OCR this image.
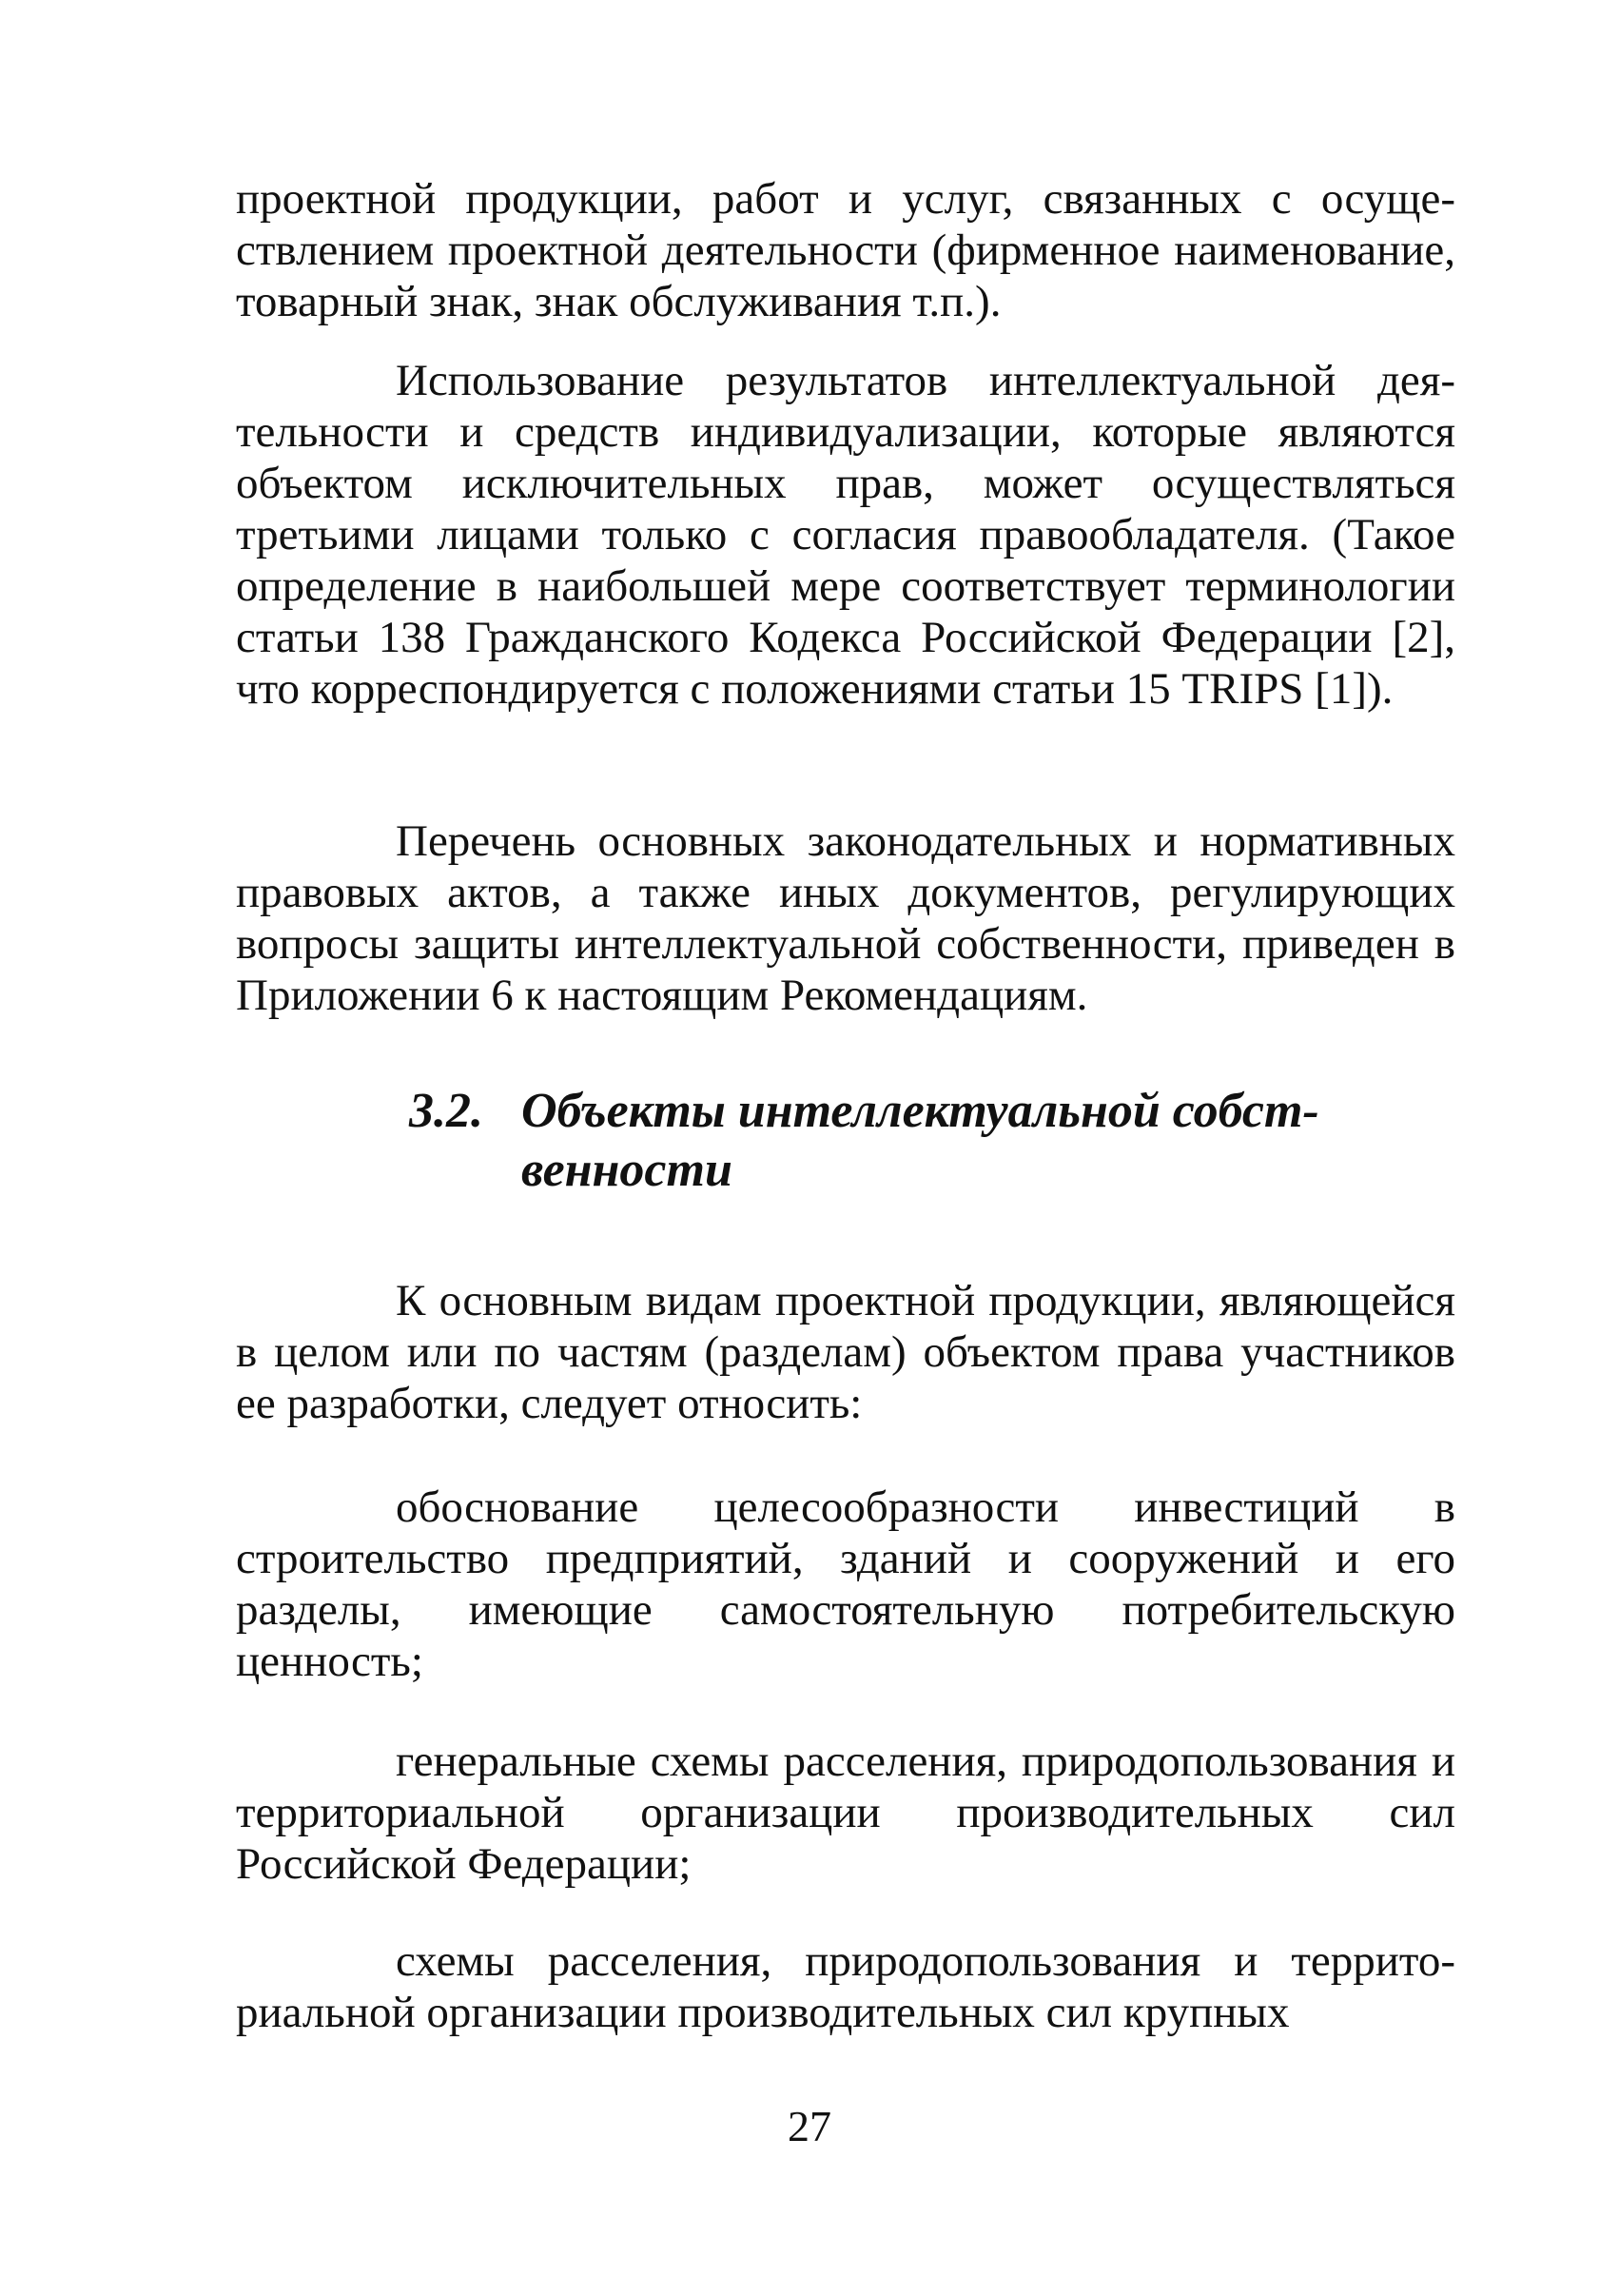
проектной продукции, работ и услуг, связанных с осуществлением проектной деятельности (фирменное наименование, товарный знак, знак обслуживания т.п.).

Использование результатов интеллектуальной деятельности и средств индивидуализации, которые являются объектом исключительных прав, может осуществляться третьими лицами только с согласия правообладателя. (Такое определение в наибольшей мере соответствует терминологии статьи 138 Гражданского Кодекса Российской Федерации [2], что корреспондируется с положениями статьи 15 TRIPS [1]).

Перечень основных законодательных и нормативных правовых актов, а также иных документов, регулирующих вопросы защиты интеллектуальной собственности, приведен в Приложении 6 к настоящим Рекомендациям.

3.2. Объекты интеллектуальной собственности

К основным видам проектной продукции, являющейся в целом или по частям (разделам) объектом права участников ее разработки, следует относить:

обоснование целесообразности инвестиций в строительство предприятий, зданий и сооружений и его разделы, имеющие самостоятельную потребительскую ценность;

генеральные схемы расселения, природопользования и территориальной организации производительных сил Российской Федерации;

схемы расселения, природопользования и территориальной организации производительных сил крупных

27
